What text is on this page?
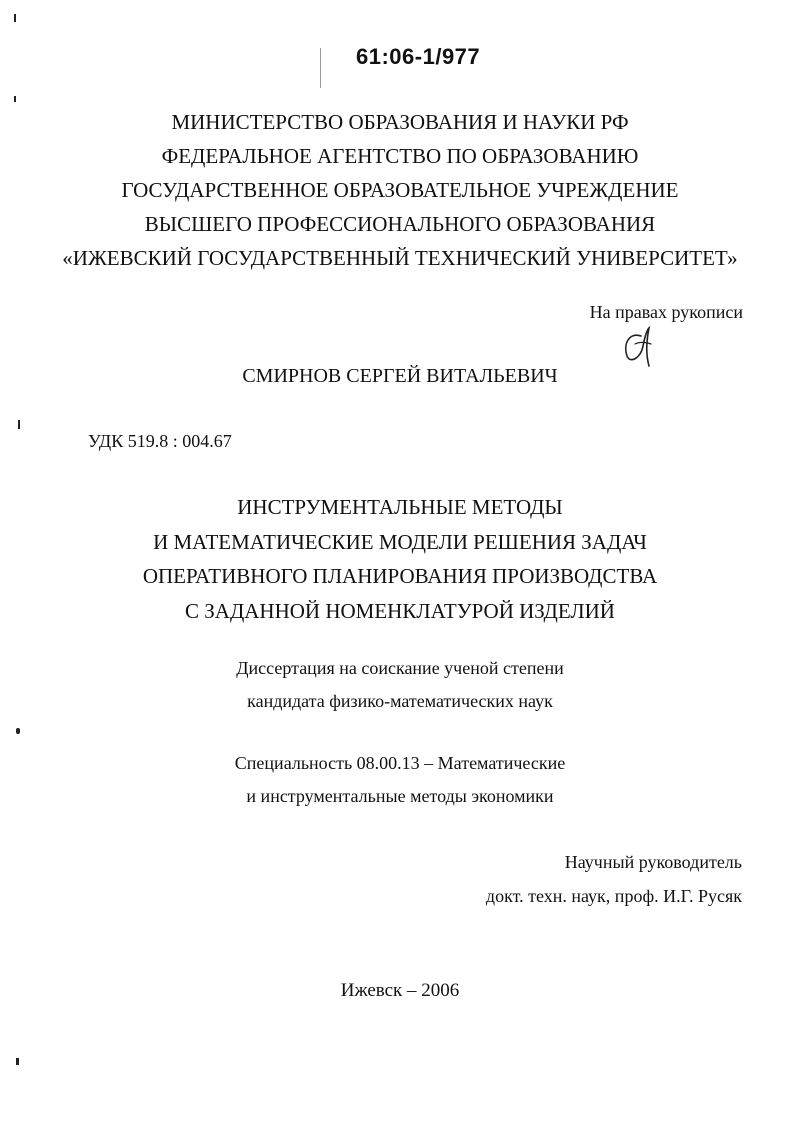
61:06-1/977
МИНИСТЕРСТВО ОБРАЗОВАНИЯ И НАУКИ РФ
ФЕДЕРАЛЬНОЕ АГЕНТСТВО ПО ОБРАЗОВАНИЮ
ГОСУДАРСТВЕННОЕ ОБРАЗОВАТЕЛЬНОЕ УЧРЕЖДЕНИЕ
ВЫСШЕГО ПРОФЕССИОНАЛЬНОГО ОБРАЗОВАНИЯ
«ИЖЕВСКИЙ ГОСУДАРСТВЕННЫЙ ТЕХНИЧЕСКИЙ УНИВЕРСИТЕТ»
На правах рукописи
СМИРНОВ СЕРГЕЙ ВИТАЛЬЕВИЧ
УДК 519.8 : 004.67
ИНСТРУМЕНТАЛЬНЫЕ МЕТОДЫ
И МАТЕМАТИЧЕСКИЕ МОДЕЛИ РЕШЕНИЯ ЗАДАЧ
ОПЕРАТИВНОГО ПЛАНИРОВАНИЯ ПРОИЗВОДСТВА
С ЗАДАННОЙ НОМЕНКЛАТУРОЙ ИЗДЕЛИЙ
Диссертация на соискание ученой степени
кандидата физико-математических наук
Специальность 08.00.13 – Математические
и инструментальные методы экономики
Научный руководитель
докт. техн. наук, проф. И.Г. Русяк
Ижевск – 2006
